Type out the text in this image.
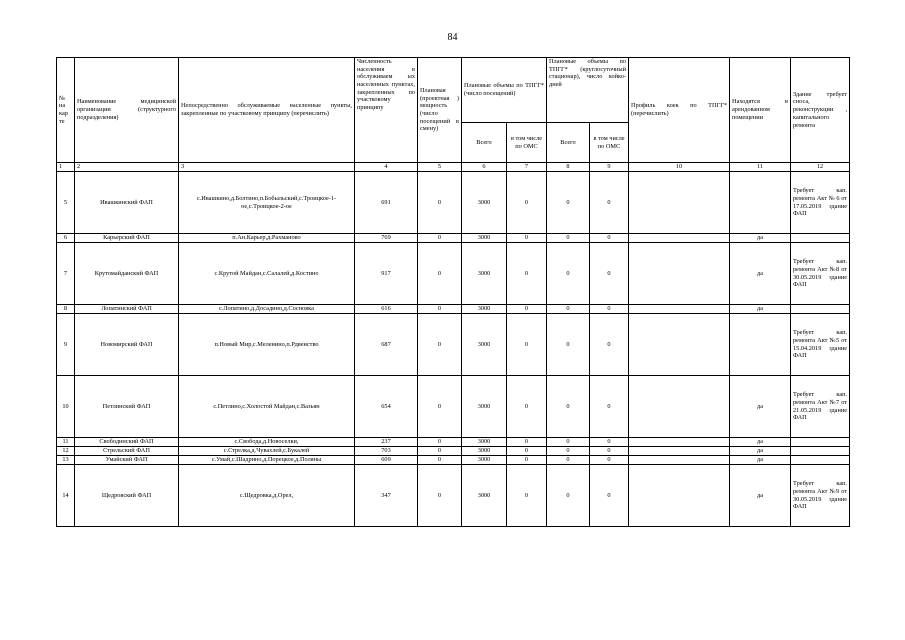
84
№ на кар те	Наименование медицинской организации (структурного подразделения)	Непосредственно обслуживаемые населенные пункты, закрепленные по участковому принципу (перечислить)	Численность населения в обслуживаем ых населенных пунктах, закрепленных по участковому принципу	Плановая (проектная ) мощность (число посещений в смену)	Плановые объемы по ТПГГ* (число посещений)		Плановые объемы по ТПГГ* (круглосуточный стационар), число койко-дней		Профиль коек по ТПГГ* (перечислить)	Находятся в арендованном помещении	Здание требует сноса, реконструкции , капитального ремонта
					Всего	в том числе по ОМС	Всего	в том числе по ОМС			
1	2	3	4	5	6	7	8	9	10	11	12
5	Ивашкинский ФАП	с.Ивашкино,д.Болтино,п.Бобыльский,с.Троицкое-1-ое,с.Троицкое-2-ое	691	0	3000	0	0	0			Требует кап. ремонта Акт № 6 от 17.05.2019 здание ФАП
6	Карьерский ФАП	п.Ан.Карьер,д.Рахманово	769	0	3000	0	0	0		да	
7	Крутомайданский ФАП	с.Крутой Майдан,с.Салалей,д.Костино	917	0	3000	0	0	0		да	Требует кап. ремонта Акт №8 от 30.05.2019 здание ФАП
8	Лопатинский ФАП	с.Лопатино,д.Досадино,д.Сосновка	616	0	3000	0	0	0		да	
9	Новомирский ФАП	п.Новый Мир,с.Меленино,п.Рдвенство	687	0	3000	0	0	0			Требует кап. ремонта Акт №5 от 15.04.2019 здание ФАП
10	Петлинский ФАП	с.Петлино,с.Холостой Майдан,с.Вазьян	654	0	3000	0	0	0		да	Требует кап. ремонта Акт №7 от 21.05.2019 здание ФАП
11	Свободинский ФАП	с.Свобода,д.Новоселки,	237	0	3000	0	0	0		да	
12	Стрельский ФАП	с.Стрелка,д.Чувахлей,с.Букалей	703	0	3000	0	0	0		да	
13	Умайский ФАП	с.Умай,с.Шадрино,д.Порецкое,д.Поляны	609	0	3000	0	0	0		да	
14	Щедровский ФАП	с.Щедровка,д.Орел,	347	0	3000	0	0	0		да	Требует кап. ремонта Акт №9 от 30.05.2019 здание ФАП
